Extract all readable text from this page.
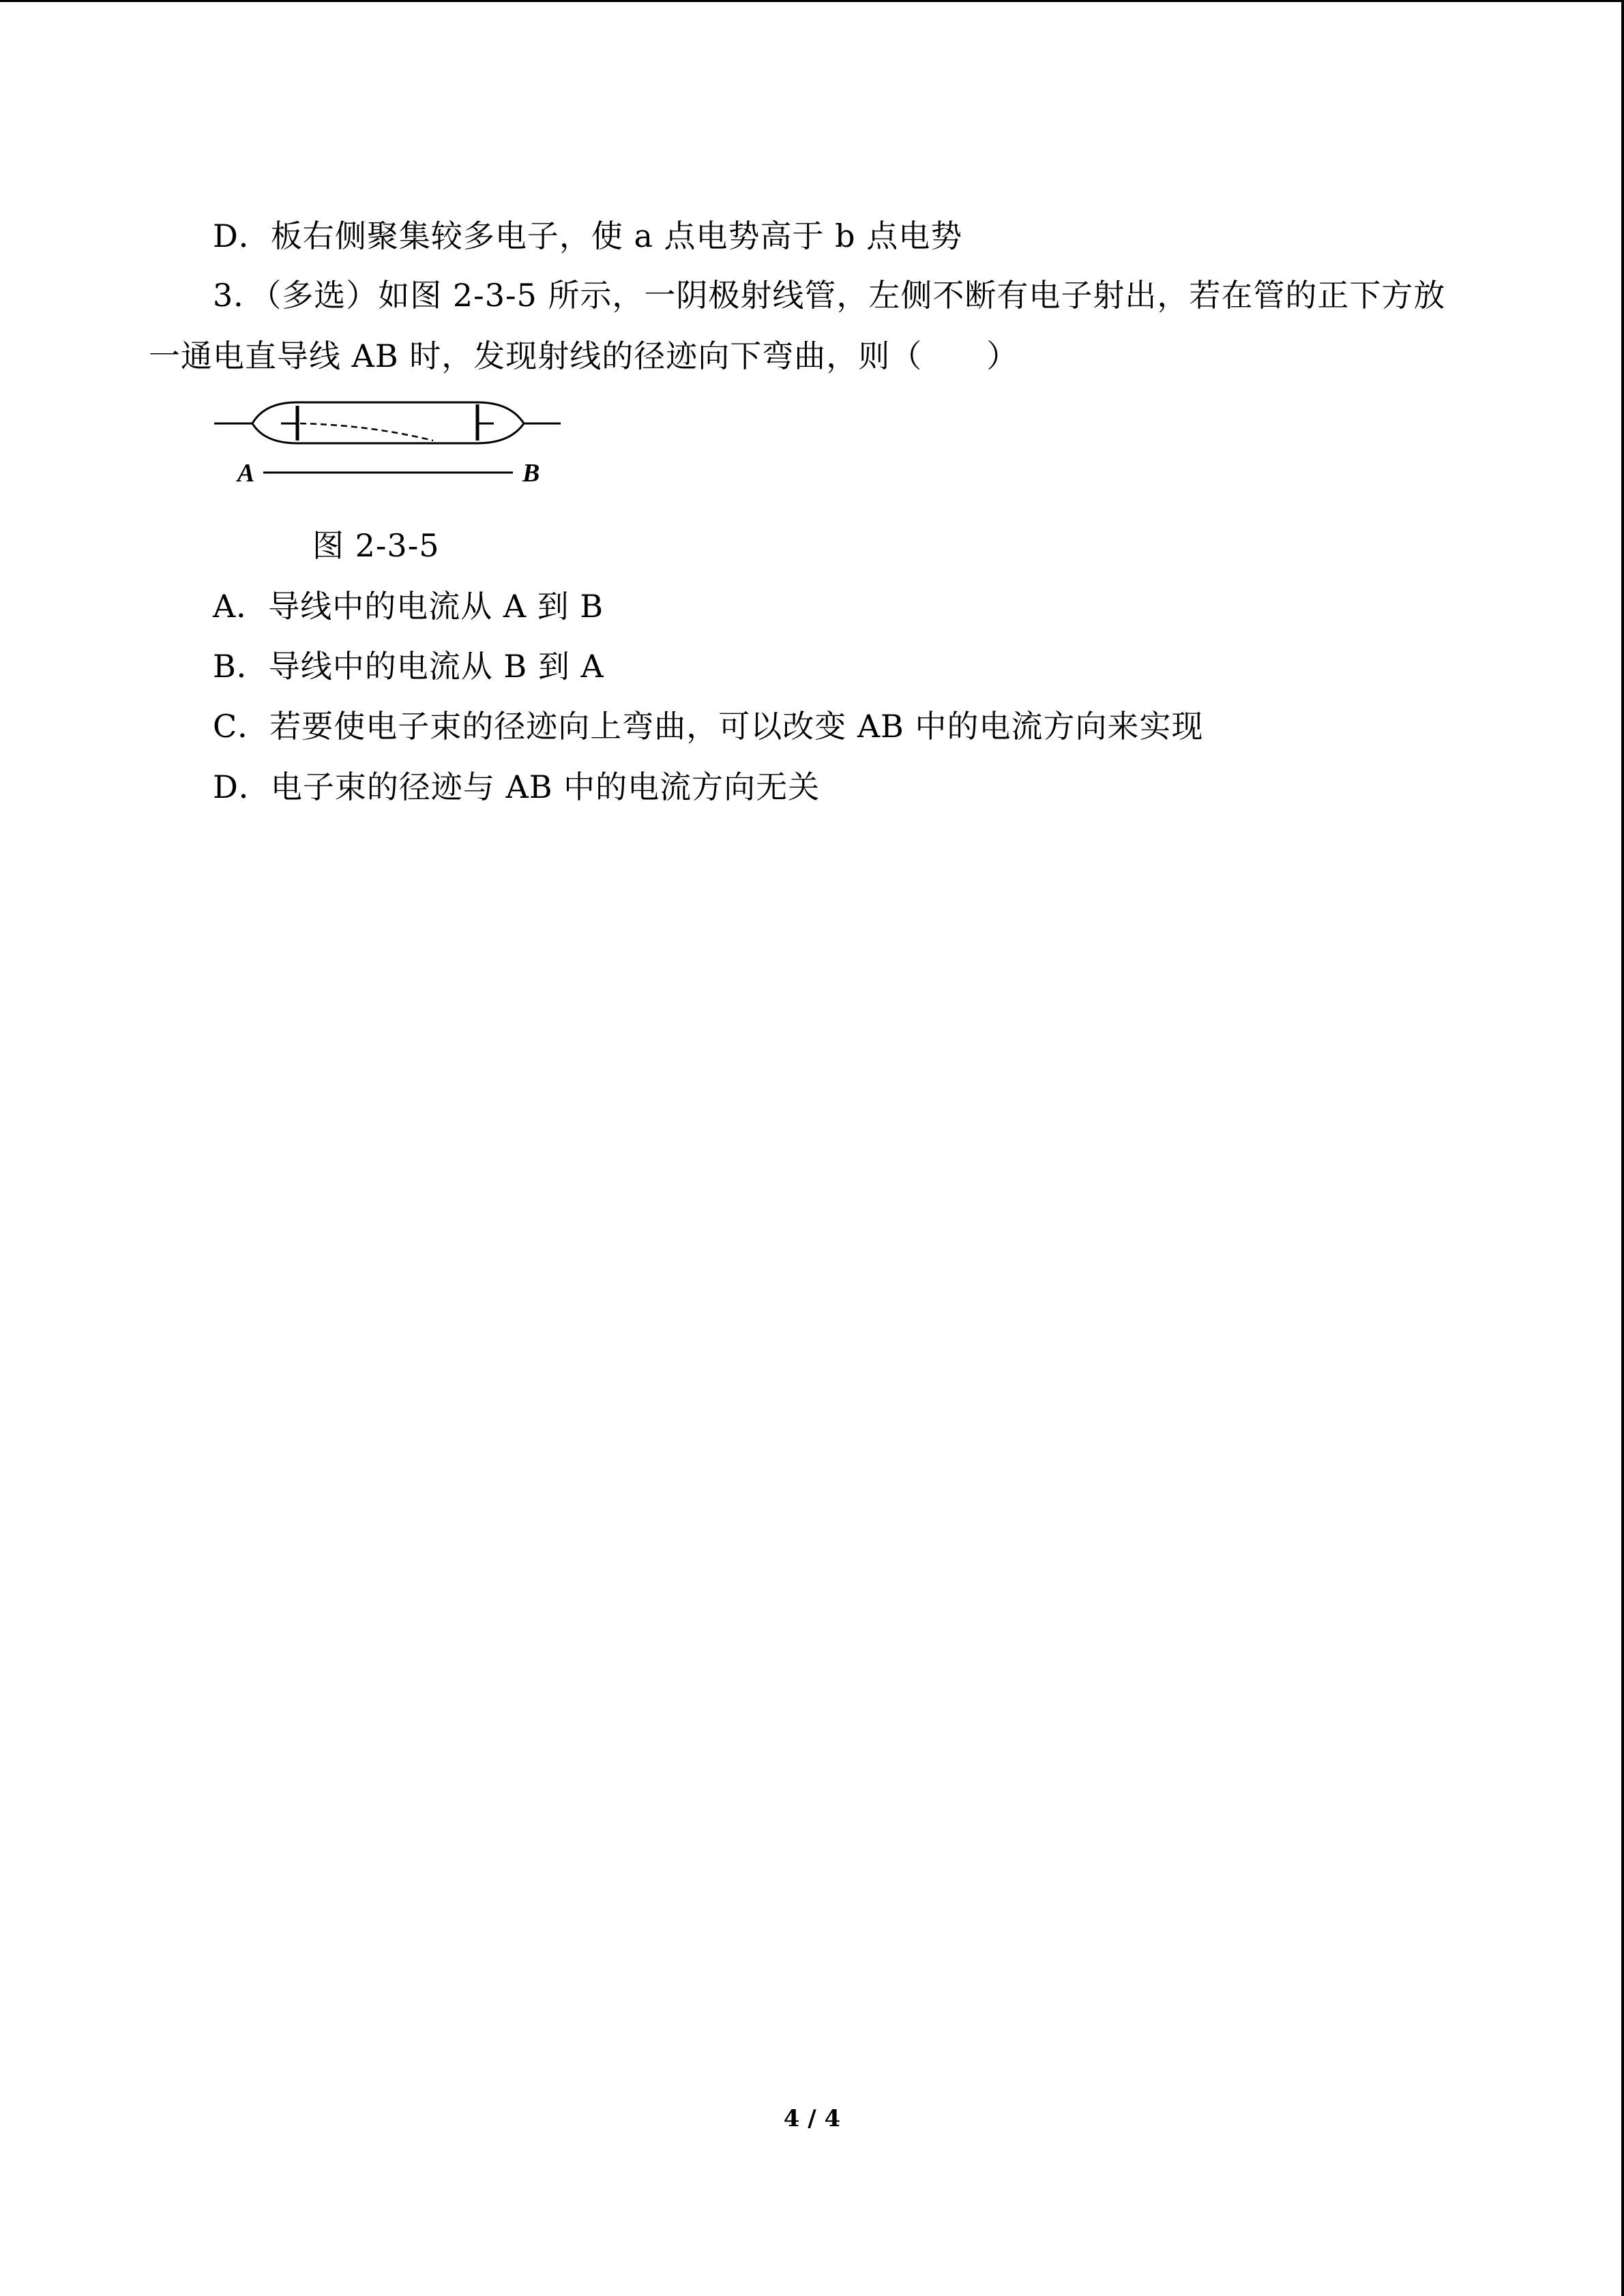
D．板右侧聚集较多电子，使 a 点电势高于 b 点电势
3．（多选）如图 2-3-5 所示，一阴极射线管，左侧不断有电子射出，若在管的正下方放
一通电直导线 AB 时，发现射线的径迹向下弯曲，则（　　）
A	B
图 2-3-5
A．导线中的电流从 A 到 B
B．导线中的电流从 B 到 A
C．若要使电子束的径迹向上弯曲，可以改变 AB 中的电流方向来实现
D．电子束的径迹与 AB 中的电流方向无关
4 / 4
